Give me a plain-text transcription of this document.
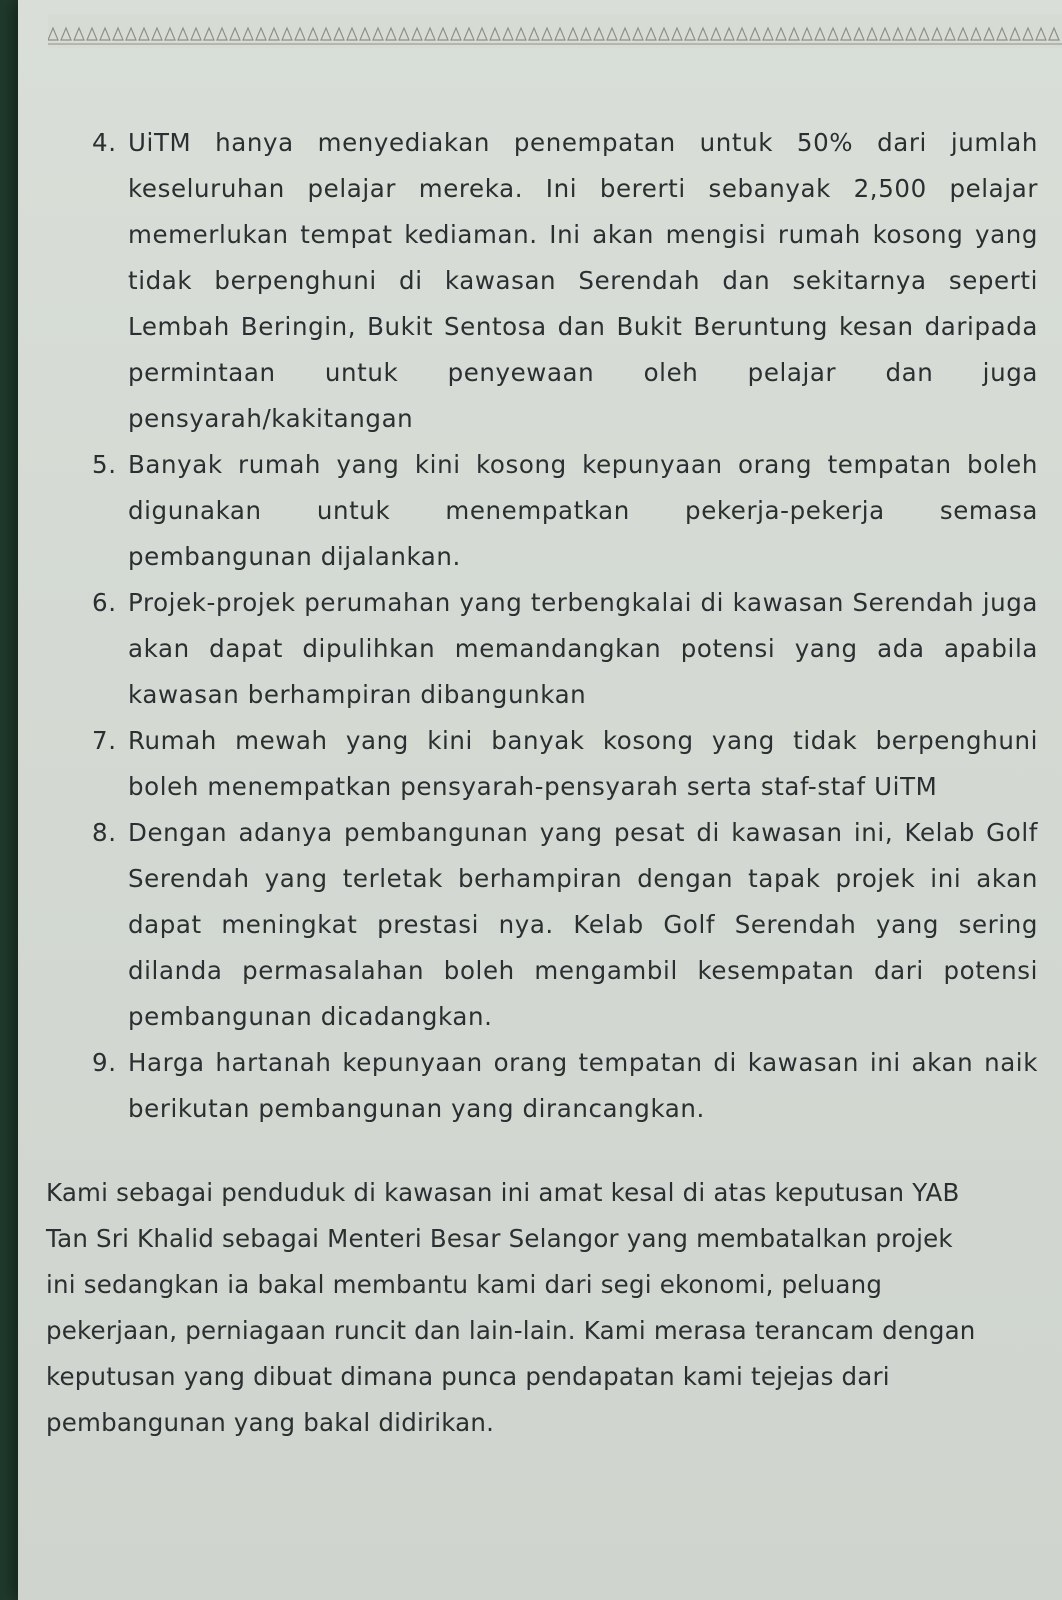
4. UiTM hanya menyediakan penempatan untuk 50% dari jumlah keseluruhan pelajar mereka. Ini bererti sebanyak 2,500 pelajar memerlukan tempat kediaman. Ini akan mengisi rumah kosong yang tidak berpenghuni di kawasan Serendah dan sekitarnya seperti Lembah Beringin, Bukit Sentosa dan Bukit Beruntung kesan daripada permintaan untuk penyewaan oleh pelajar dan juga pensyarah/kakitangan
5. Banyak rumah yang kini kosong kepunyaan orang tempatan boleh digunakan untuk menempatkan pekerja-pekerja semasa pembangunan dijalankan.
6. Projek-projek perumahan yang terbengkalai di kawasan Serendah juga akan dapat dipulihkan memandangkan potensi yang ada apabila kawasan berhampiran dibangunkan
7. Rumah mewah yang kini banyak kosong yang tidak berpenghuni boleh menempatkan pensyarah-pensyarah serta staf-staf UiTM
8. Dengan adanya pembangunan yang pesat di kawasan ini, Kelab Golf Serendah yang terletak berhampiran dengan tapak projek ini akan dapat meningkat prestasi nya. Kelab Golf Serendah yang sering dilanda permasalahan boleh mengambil kesempatan dari potensi pembangunan dicadangkan.
9. Harga hartanah kepunyaan orang tempatan di kawasan ini akan naik berikutan pembangunan yang dirancangkan.

Kami sebagai penduduk di kawasan ini amat kesal di atas keputusan YAB Tan Sri Khalid sebagai Menteri Besar Selangor yang membatalkan projek ini sedangkan ia bakal membantu kami dari segi ekonomi, peluang pekerjaan, perniagaan runcit dan lain-lain. Kami merasa terancam dengan keputusan yang dibuat dimana punca pendapatan kami tejejas dari pembangunan yang bakal didirikan.
